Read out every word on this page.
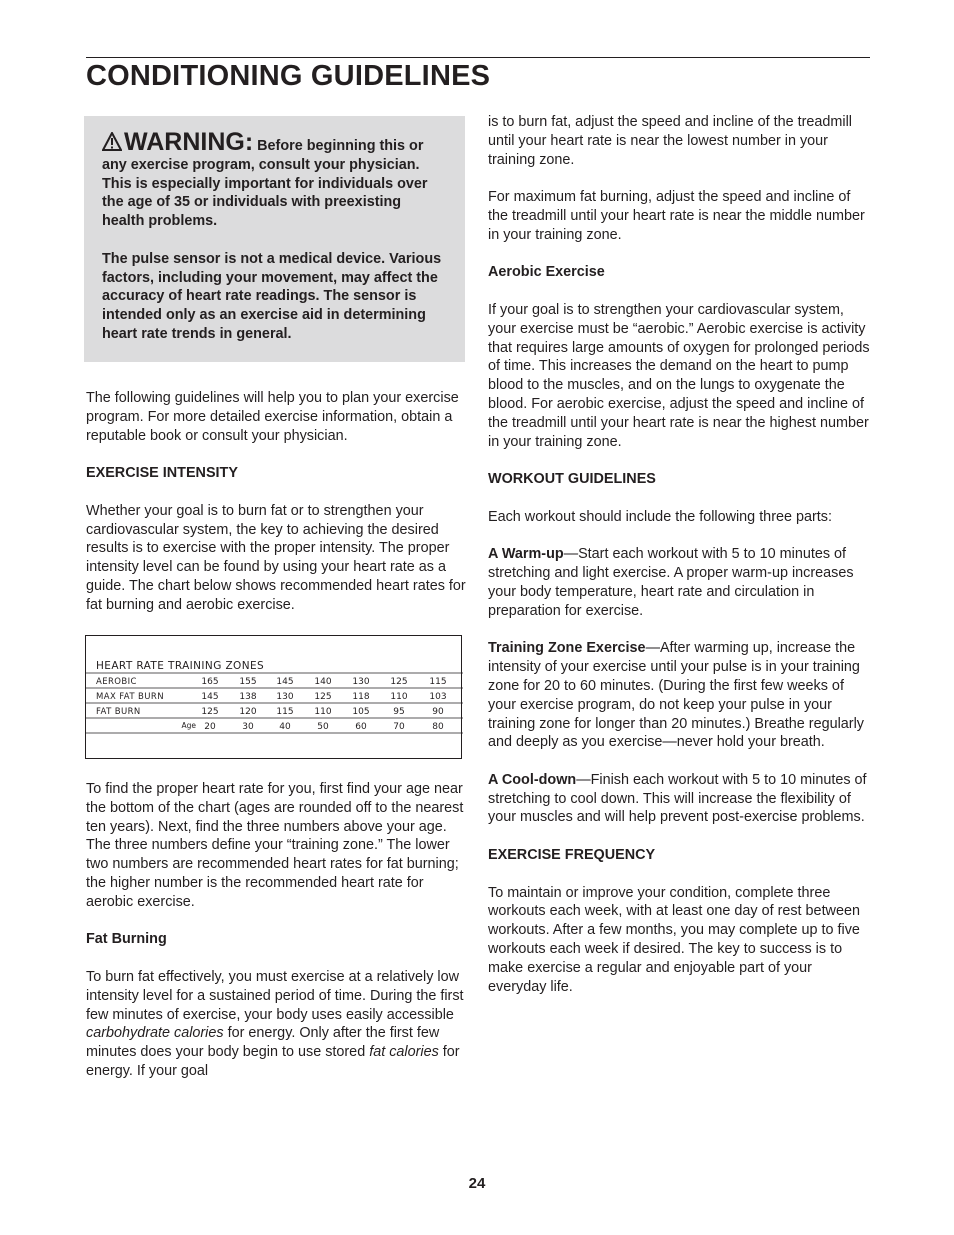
CONDITIONING GUIDELINES

WARNING: Before beginning this or any exercise program, consult your physician. This is especially important for individuals over the age of 35 or individuals with preexisting health problems.

The pulse sensor is not a medical device. Various factors, including your movement, may affect the accuracy of heart rate readings. The sensor is intended only as an exercise aid in determining heart rate trends in general.

The following guidelines will help you to plan your exercise program. For more detailed exercise information, obtain a reputable book or consult your physician.

EXERCISE INTENSITY

Whether your goal is to burn fat or to strengthen your cardiovascular system, the key to achieving the desired results is to exercise with the proper intensity. The proper intensity level can be found by using your heart rate as a guide. The chart below shows recommended heart rates for fat burning and aerobic exercise.

HEART RATE TRAINING ZONES
AEROBIC	165 155 145 140 130 125 115
MAX FAT BURN	145 138 130 125 118 110 103
FAT BURN	125 120 115 110 105	95	90
Age 20	30	40	50	60	70	80

To find the proper heart rate for you, first find your age near the bottom of the chart (ages are rounded off to the nearest ten years). Next, find the three numbers above your age. The three numbers define your “training zone.” The lower two numbers are recommended heart rates for fat burning; the higher number is the recommended heart rate for aerobic exercise.

Fat Burning

To burn fat effectively, you must exercise at a relatively low intensity level for a sustained period of time. During the first few minutes of exercise, your body uses easily accessible carbohydrate calories for energy. Only after the first few minutes does your body begin to use stored fat calories for energy. If your goal

is to burn fat, adjust the speed and incline of the treadmill until your heart rate is near the lowest number in your training zone.

For maximum fat burning, adjust the speed and incline of the treadmill until your heart rate is near the middle number in your training zone.

Aerobic Exercise

If your goal is to strengthen your cardiovascular system, your exercise must be “aerobic.” Aerobic exercise is activity that requires large amounts of oxygen for prolonged periods of time. This increases the demand on the heart to pump blood to the muscles, and on the lungs to oxygenate the blood. For aerobic exercise, adjust the speed and incline of the treadmill until your heart rate is near the highest number in your training zone.

WORKOUT GUIDELINES

Each workout should include the following three parts:

A Warm-up—Start each workout with 5 to 10 minutes of stretching and light exercise. A proper warm-up increases your body temperature, heart rate and circulation in preparation for exercise.

Training Zone Exercise—After warming up, increase the intensity of your exercise until your pulse is in your training zone for 20 to 60 minutes. (During the first few weeks of your exercise program, do not keep your pulse in your training zone for longer than 20 minutes.) Breathe regularly and deeply as you exercise—never hold your breath.

A Cool-down—Finish each workout with 5 to 10 minutes of stretching to cool down. This will increase the flexibility of your muscles and will help prevent post-exercise problems.

EXERCISE FREQUENCY

To maintain or improve your condition, complete three workouts each week, with at least one day of rest between workouts. After a few months, you may complete up to five workouts each week if desired. The key to success is to make exercise a regular and enjoyable part of your everyday life.

24
